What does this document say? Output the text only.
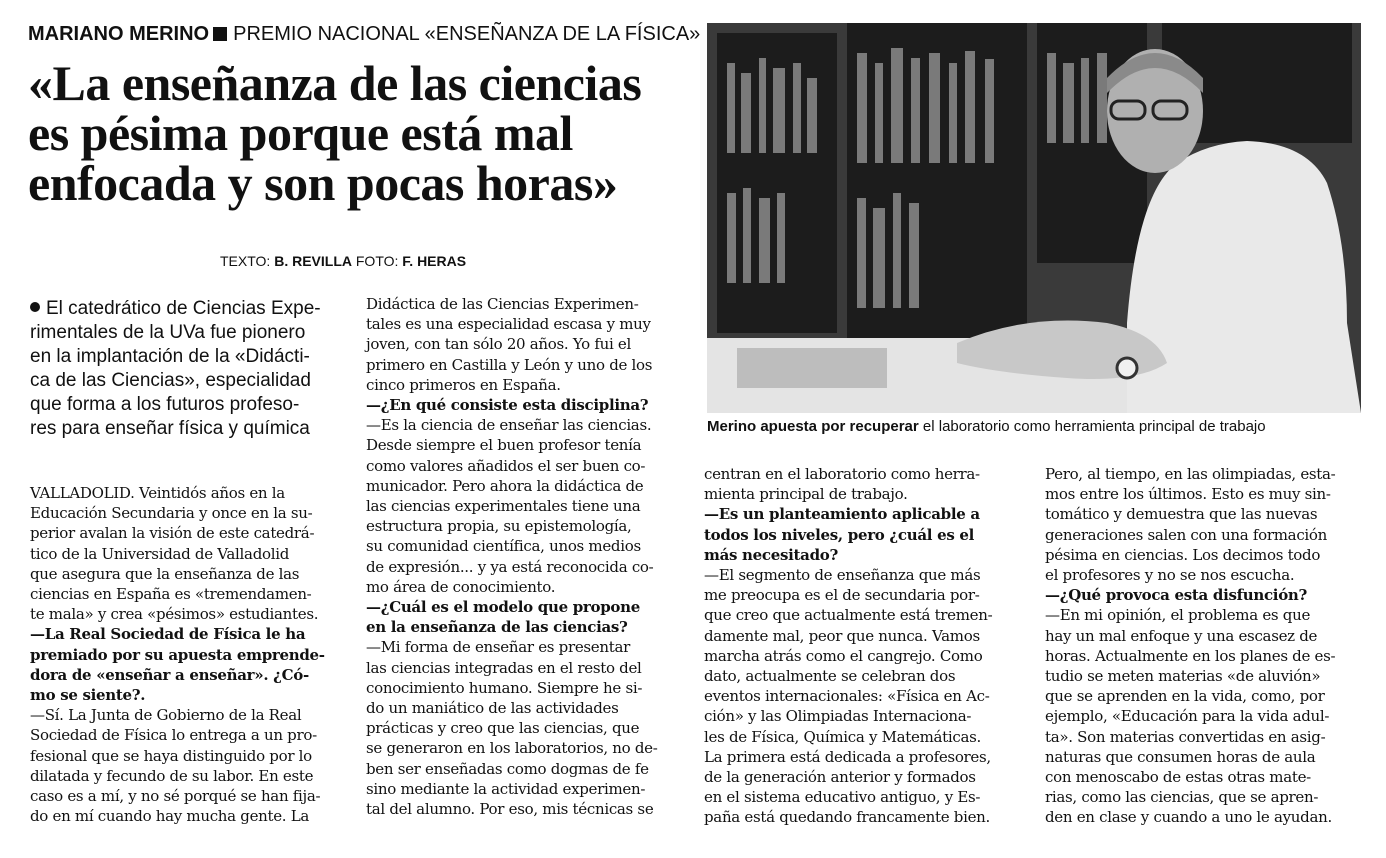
MARIANO MERINO PREMIO NACIONAL «ENSEÑANZA DE LA FÍSICA»
«La enseñanza de las ciencias
es pésima porque está mal
enfocada y son pocas horas»
TEXTO: B. REVILLA FOTO: F. HERAS
El catedrático de Ciencias Expe-
rimentales de la UVa fue pionero
en la implantación de la «Didácti-
ca de las Ciencias», especialidad
que forma a los futuros profeso-
res para enseñar física y química	Merino apuesta por recuperar el laboratorio como herramienta principal de trabajo
VALLADOLID. Veintidós años en la
Educación Secundaria y once en la su-
perior avalan la visión de este catedrá-
tico de la Universidad de Valladolid
que asegura que la enseñanza de las
ciencias en España es «tremendamen-
te mala» y crea «pésimos» estudiantes.
—La Real Sociedad de Física le ha
premiado por su apuesta emprende-
dora de «enseñar a enseñar». ¿Có-
mo se siente?.
—Sí. La Junta de Gobierno de la Real
Sociedad de Física lo entrega a un pro-
fesional que se haya distinguido por lo
dilatada y fecundo de su labor. En este
caso es a mí, y no sé porqué se han fija-
do en mí cuando hay mucha gente. La
Didáctica de las Ciencias Experimen-
tales es una especialidad escasa y muy
joven, con tan sólo 20 años. Yo fui el
primero en Castilla y León y uno de los
cinco primeros en España.
—¿En qué consiste esta disciplina?
—Es la ciencia de enseñar las ciencias.
Desde siempre el buen profesor tenía
como valores añadidos el ser buen co-
municador. Pero ahora la didáctica de
las ciencias experimentales tiene una
estructura propia, su epistemología,
su comunidad científica, unos medios
de expresión... y ya está reconocida co-
mo área de conocimiento.
—¿Cuál es el modelo que propone
en la enseñanza de las ciencias?
—Mi forma de enseñar es presentar
las ciencias integradas en el resto del
conocimiento humano. Siempre he si-
do un maniático de las actividades
prácticas y creo que las ciencias, que
se generaron en los laboratorios, no de-
ben ser enseñadas como dogmas de fe
sino mediante la actividad experimen-
tal del alumno. Por eso, mis técnicas se
centran en el laboratorio como herra-
mienta principal de trabajo.
—Es un planteamiento aplicable a
todos los niveles, pero ¿cuál es el
más necesitado?
—El segmento de enseñanza que más
me preocupa es el de secundaria por-
que creo que actualmente está tremen-
damente mal, peor que nunca. Vamos
marcha atrás como el cangrejo. Como
dato, actualmente se celebran dos
eventos internacionales: «Física en Ac-
ción» y las Olimpiadas Internaciona-
les de Física, Química y Matemáticas.
La primera está dedicada a profesores,
de la generación anterior y formados
en el sistema educativo antiguo, y Es-
paña está quedando francamente bien.
Pero, al tiempo, en las olimpiadas, esta-
mos entre los últimos. Esto es muy sin-
tomático y demuestra que las nuevas
generaciones salen con una formación
pésima en ciencias. Los decimos todo
el profesores y no se nos escucha.
—¿Qué provoca esta disfunción?
—En mi opinión, el problema es que
hay un mal enfoque y una escasez de
horas. Actualmente en los planes de es-
tudio se meten materias «de aluvión»
que se aprenden en la vida, como, por
ejemplo, «Educación para la vida adul-
ta». Son materias convertidas en asig-
naturas que consumen horas de aula
con menoscabo de estas otras mate-
rias, como las ciencias, que se apren-
den en clase y cuando a uno le ayudan.
